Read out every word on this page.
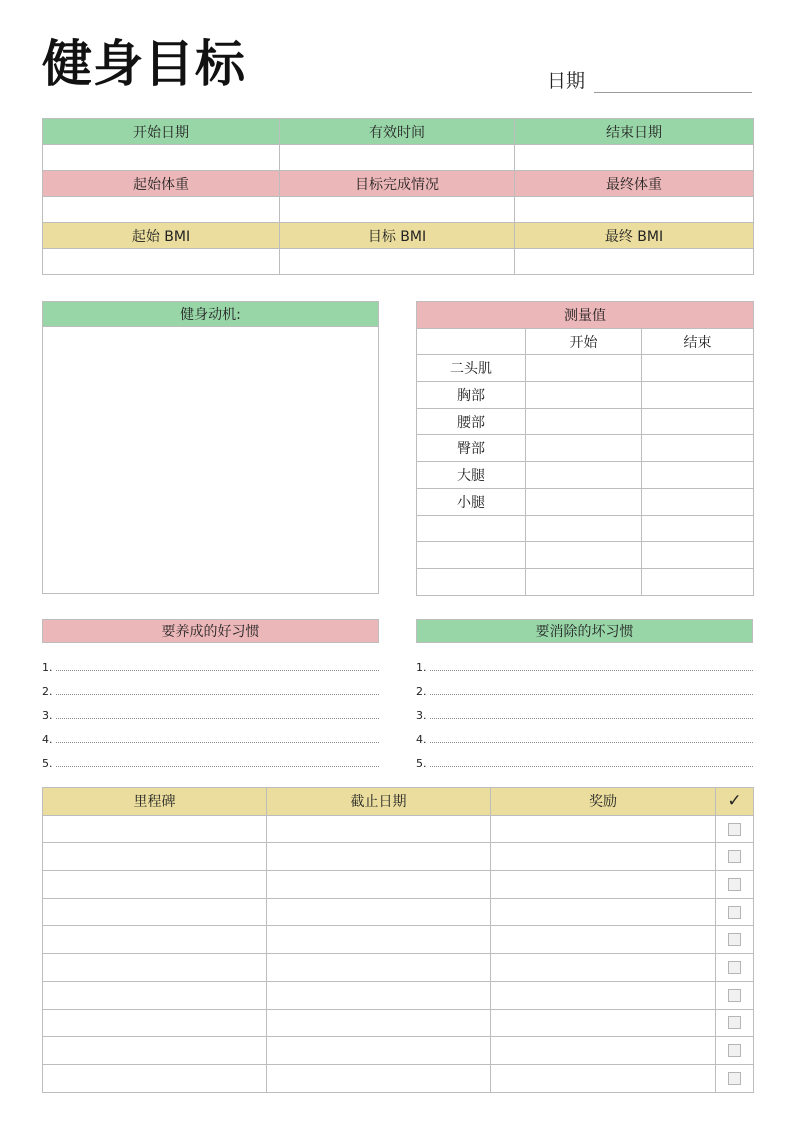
健身目标	日期
开始日期	有效时间	结束日期

起始体重	目标完成情况	最终体重

起始 BMI	目标 BMI	最终 BMI

健身动机:	测量值		
	开始	结束
二头肌		
胸部		
腰部		
臀部		
大腿		
小腿		

要养成的好习惯
1.
2.
3.
4.
5.
要消除的坏习惯
1.
2.
3.
4.
5.
里程碑	截止日期	奖励	✓
